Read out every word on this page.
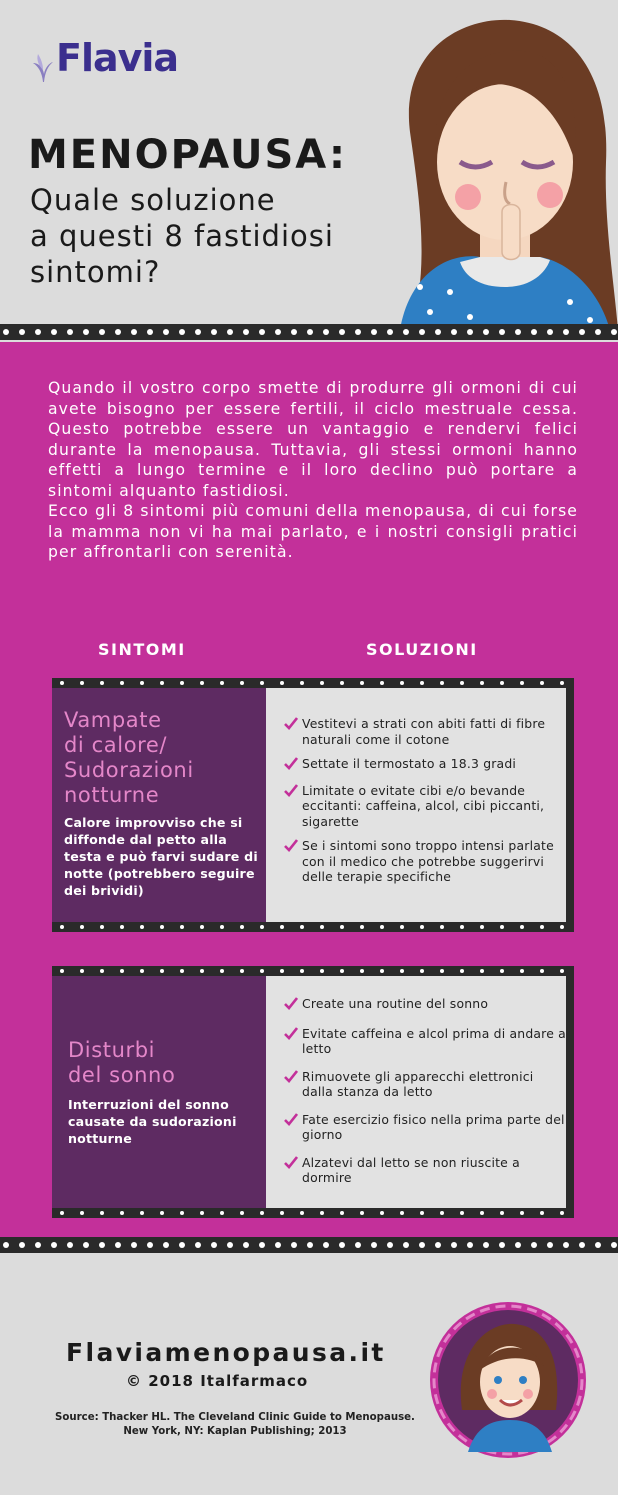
Flavia
MENOPAUSA:
Quale soluzione
a questi 8 fastidiosi
sintomi?

Quando il vostro corpo smette di produrre gli ormoni di cui avete bisogno per essere fertili, il ciclo mestruale cessa. Questo potrebbe essere un vantaggio e rendervi felici durante la menopausa. Tuttavia, gli stessi ormoni hanno effetti a lungo termine e il loro declino può portare a sintomi alquanto fastidiosi.

Ecco gli 8 sintomi più comuni della menopausa, di cui forse la mamma non vi ha mai parlato, e i nostri consigli pratici per affrontarli con serenità.

SINTOMI	SOLUZIONI
Vampate
di calore/
Sudorazioni
notturne
Calore improvviso che si diffonde dal petto alla testa e può farvi sudare di notte (potrebbero seguire dei brividi)
Vestitevi a strati con abiti fatti di fibre naturali come il cotone
Settate il termostato a 18.3 gradi
Limitate o evitate cibi e/o bevande eccitanti: caffeina, alcol, cibi piccanti, sigarette
Se i sintomi sono troppo intensi parlate con il medico che potrebbe suggerirvi delle terapie specifiche
Disturbi
del sonno
Interruzioni del sonno causate da sudorazioni notturne
Create una routine del sonno
Evitate caffeina e alcol prima di andare a letto
Rimuovete gli apparecchi elettronici dalla stanza da letto
Fate esercizio fisico nella prima parte del giorno
Alzatevi dal letto se non riuscite a dormire
Flaviamenopausa.it
© 2018 Italfarmaco
Source: Thacker HL. The Cleveland Clinic Guide to Menopause.
New York, NY: Kaplan Publishing; 2013
